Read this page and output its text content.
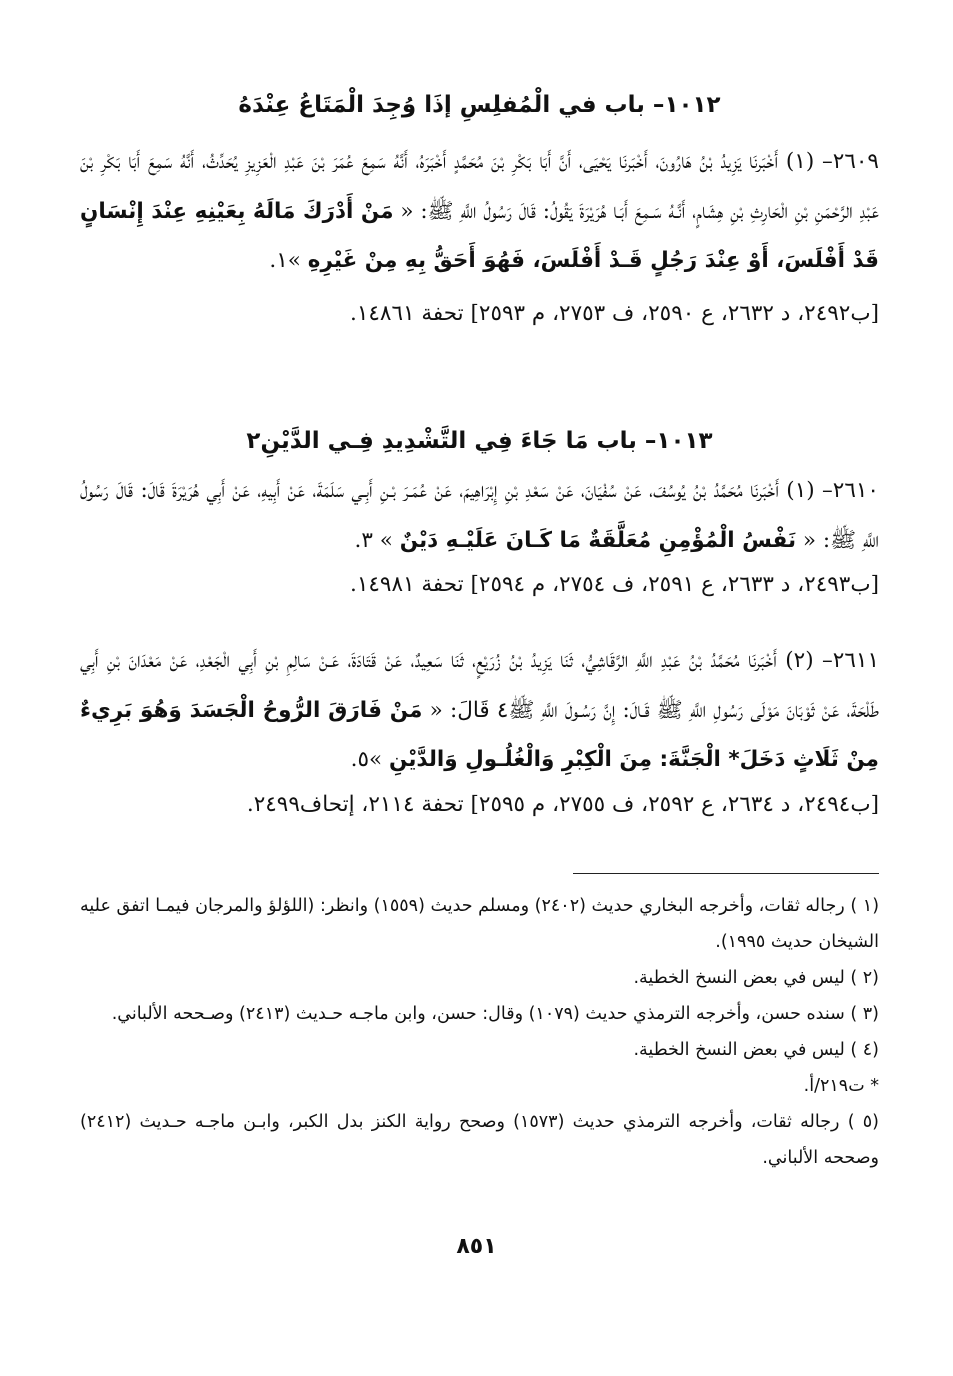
١٠١٢– باب في الْمُفلِسِ إذَا وُجِدَ الْمَتَاعُ عِنْدَهُ

٢٦٠٩– (١) أَخْبَرنَا يَزِيدُ بْنُ هَارُونَ، أَخْبَرنَا يَحْيَى، أَنَّ أَبَا بَكْرِ بْنَ مُحَمَّدٍ أَخْبَرَهُ، أَنَّهُ سَمِعَ عُمَرَ بْنَ عَبْدِ الْعَزِيزِ يُحَدِّثُ، أَنَّهُ سَمِعَ أَبَا بَكْرِ بْنَ عَبْدِ الرَّحْمَنِ بْنِ الْحَارِثِ بْنِ هِشَامٍ، أَنَّـهُ سَـمِعَ أَبَـا هُرَيْرَةَ يَقُولُ: قَالَ رَسُولُ اللَّهِ ﷺ: « مَنْ أَدْرَكَ مَالَهُ بِعَيْنِهِ عِنْدَ إِنْسَانٍ قَدْ أَفْلَسَ، أَوْ عِنْدَ رَجُلٍ قَـدْ أَفْلَسَ، فَهُوَ أَحَقُّ بِهِ مِنْ غَيْرِهِ »١.

[ب٢٤٩٢، د ٢٦٣٢، ع ٢٥٩٠، ف ٢٧٥٣، م ٢٥٩٣] تحفة ١٤٨٦١.

١٠١٣– باب مَا جَاءَ فِي التَّشْدِيدِ فِـي الدَّيْنِ٢

٢٦١٠– (١) أَخْبَرنَا مُحَمَّدُ بْنُ يُوسُفَ، عَنْ سُفْيَانَ، عَنْ سَعْدِ بْنِ إِبْرَاهِيمَ، عَنْ عُمَـرَ بْـنِ أَبِـي سَلَمَةَ، عَنْ أَبِيهِ، عَنْ أَبِي هُرَيْرَةَ قَالَ: قَالَ رَسُولُ اللَّهِ ﷺ: « نَفْسُ الْمُؤْمِنِ مُعَلَّقَةٌ مَا كَـانَ عَلَيْـهِ دَيْنٌ » ٣.

[ب٢٤٩٣، د ٢٦٣٣، ع ٢٥٩١، ف ٢٧٥٤، م ٢٥٩٤] تحفة ١٤٩٨١.

٢٦١١– (٢) أَخْبَرنَا مُحَمَّدُ بْنُ عَبْدِ اللَّهِ الرَّقَاشِيُّ، ثَنَا يَزِيدُ بْنُ زُرَيْعٍ، ثَنَا سَعِيدٌ، عَنْ قَتَادَةَ، عَـنْ سَالِمِ بْنِ أَبِي الْجَعْدِ، عَنْ مَعْدَانَ بْنِ أَبِي طَلْحَةَ، عَنْ ثَوْبَانَ مَوْلَى رَسُولِ اللَّهِ ﷺ قَـالَ: إِنَّ رَسُـولَ اللَّهِ ﷺ٤ قَالَ: « مَنْ فَارَقَ الرُّوحُ الْجَسَدَ وَهُوَ بَرِيءٌ مِنْ ثَلَاثٍ دَخَلَ* الْجَنَّةَ: مِنَ الْكِبْرِ وَالْغُلُـولِ وَالدَّيْنِ »٥.

[ب٢٤٩٤، د ٢٦٣٤، ع ٢٥٩٢، ف ٢٧٥٥، م ٢٥٩٥] تحفة ٢١١٤، إتحاف٢٤٩٩.

(١ ) رجاله ثقات، وأخرجه البخاري حديث (٢٤٠٢) ومسلم حديث (١٥٥٩) وانظر: (اللؤلؤ والمرجان فيمـا اتفق عليه الشيخان حديث ١٩٩٥).

(٢ ) ليس في بعض النسخ الخطية.

(٣ ) سنده حسن، وأخرجه الترمذي حديث (١٠٧٩) وقال: حسن، وابن ماجـه حـديث (٢٤١٣) وصـححه الألباني.

(٤ ) ليس في بعض النسخ الخطية.

* ت٢١٩/أ.

(٥ ) رجاله ثقات، وأخرجه الترمذي حديث (١٥٧٣) وصحح رواية الكنز بدل الكبر، وابـن ماجـه حـديث (٢٤١٢) وصححه الألباني.

٨٥١
